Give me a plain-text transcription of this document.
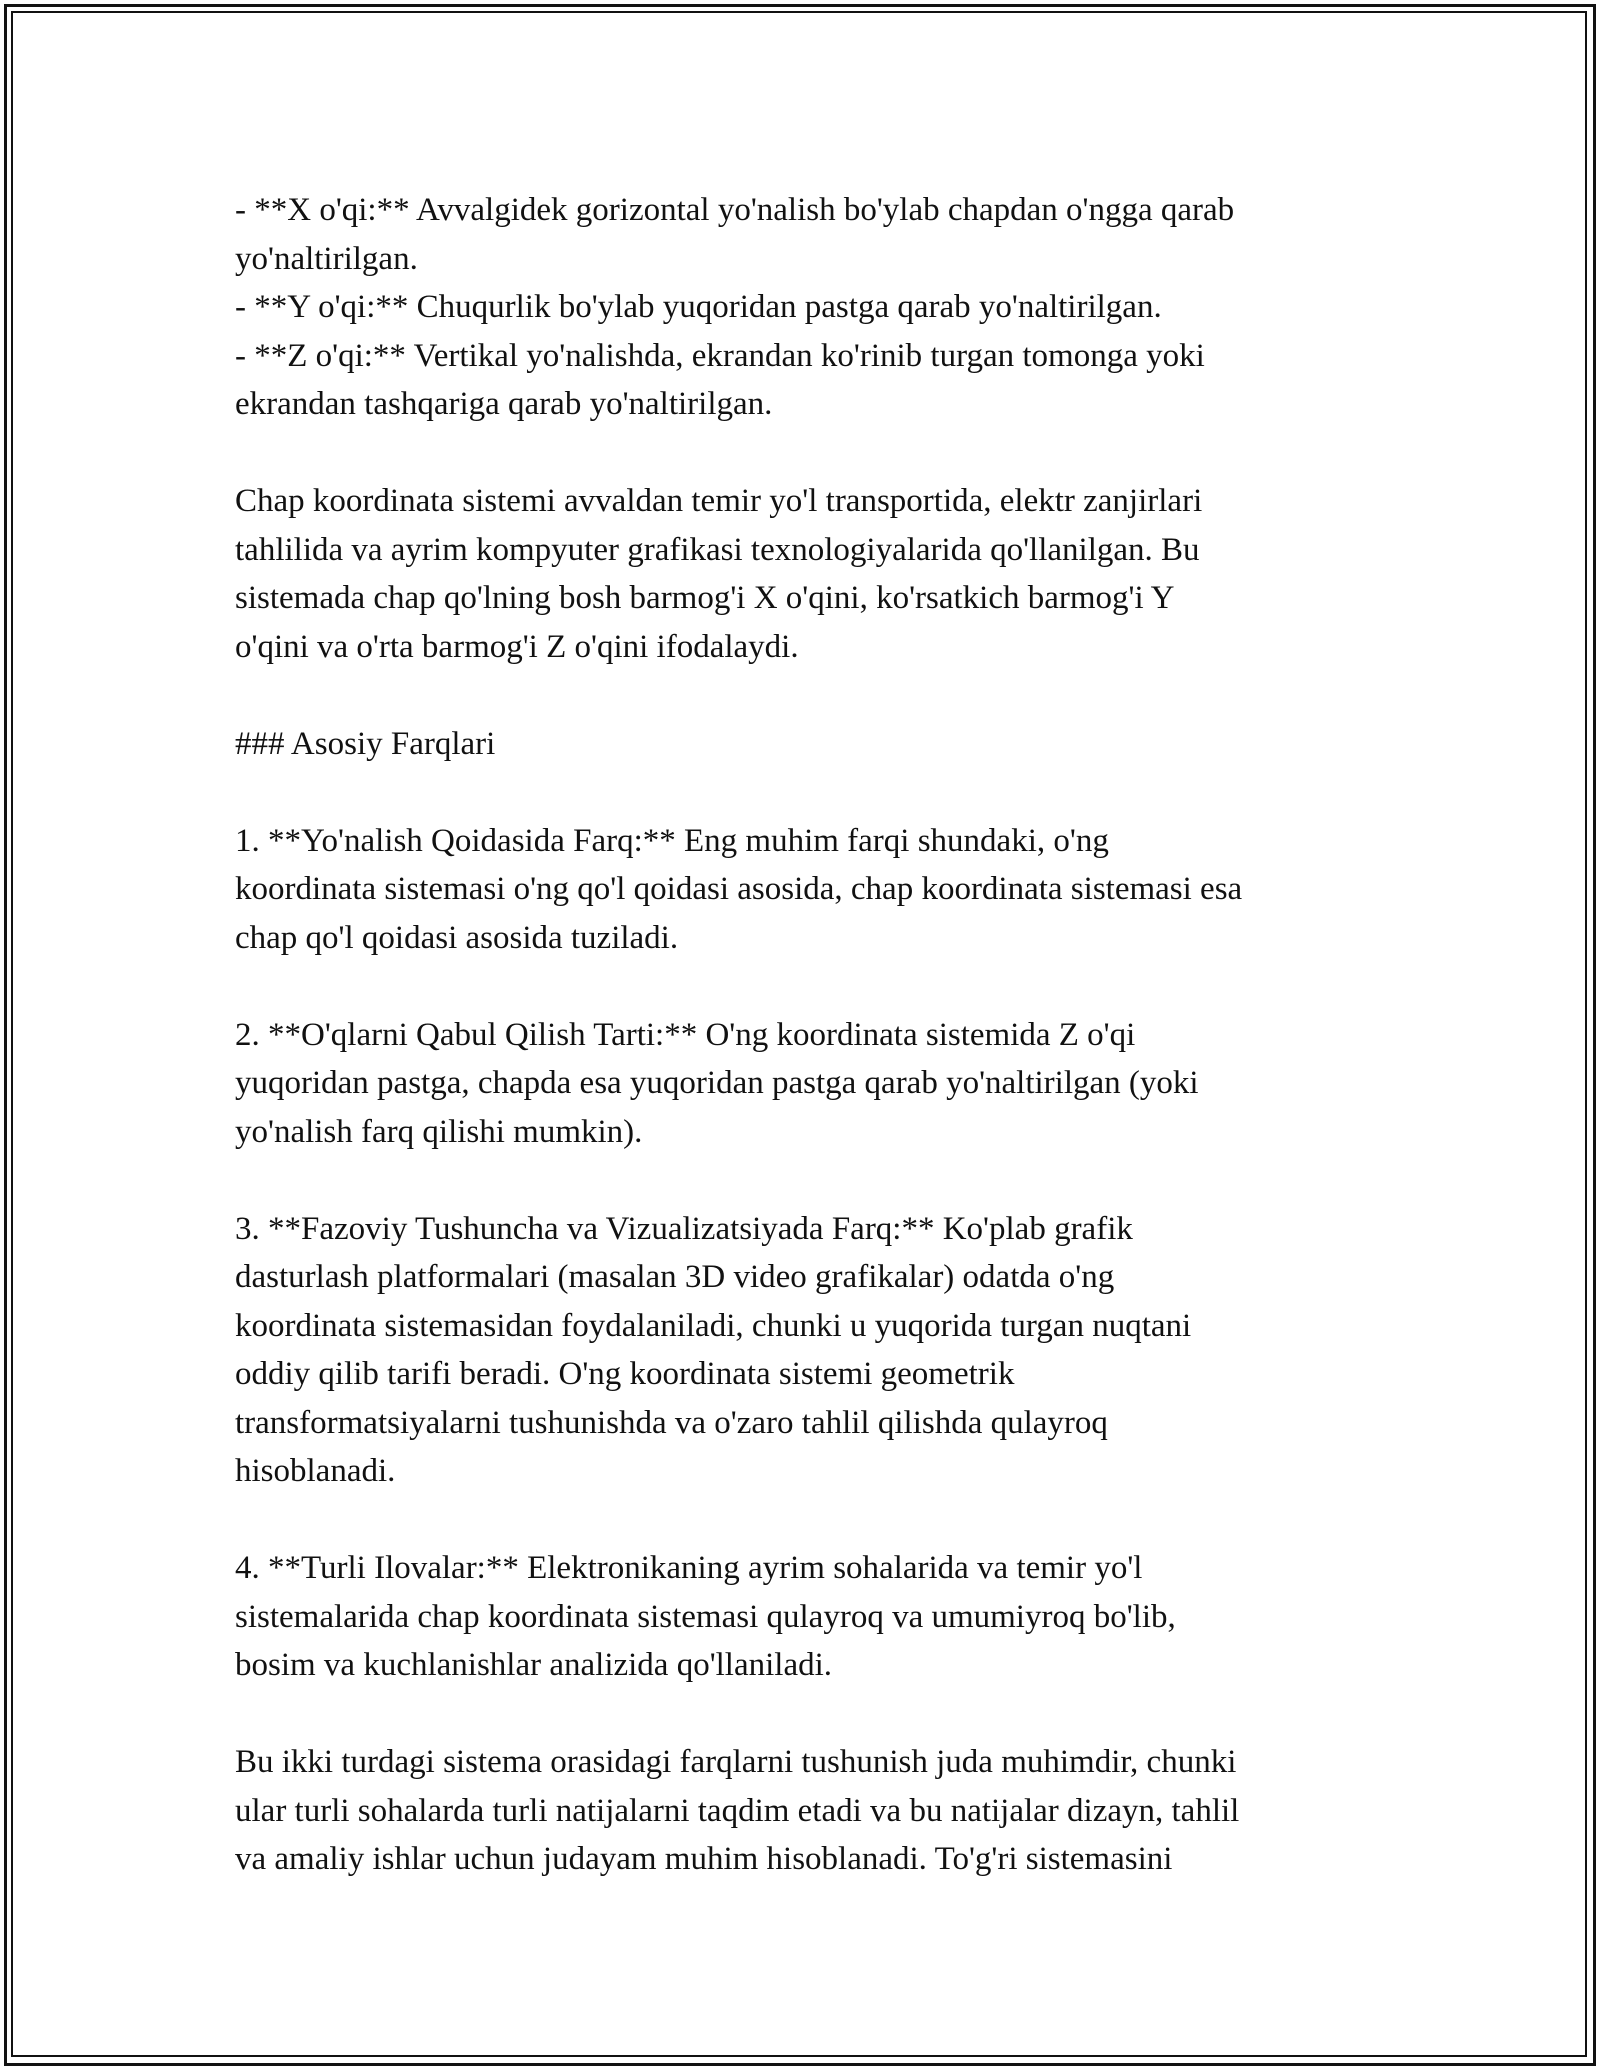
- **X o'qi:** Avvalgidek gorizontal yo'nalish bo'ylab chapdan o'ngga qarab
yo'naltirilgan.
- **Y o'qi:** Chuqurlik bo'ylab yuqoridan pastga qarab yo'naltirilgan.
- **Z o'qi:** Vertikal yo'nalishda, ekrandan ko'rinib turgan tomonga yoki
ekrandan tashqariga qarab yo'naltirilgan.
Chap koordinata sistemi avvaldan temir yo'l transportida, elektr zanjirlari
tahlilida va ayrim kompyuter grafikasi texnologiyalarida qo'llanilgan. Bu
sistemada chap qo'lning bosh barmog'i X o'qini, ko'rsatkich barmog'i Y
o'qini va o'rta barmog'i Z o'qini ifodalaydi.
### Asosiy Farqlari
1. **Yo'nalish Qoidasida Farq:** Eng muhim farqi shundaki, o'ng
koordinata sistemasi o'ng qo'l qoidasi asosida, chap koordinata sistemasi esa
chap qo'l qoidasi asosida tuziladi.
2. **O'qlarni Qabul Qilish Tarti:** O'ng koordinata sistemida Z o'qi
yuqoridan pastga, chapda esa yuqoridan pastga qarab yo'naltirilgan (yoki
yo'nalish farq qilishi mumkin).
3. **Fazoviy Tushuncha va Vizualizatsiyada Farq:** Ko'plab grafik
dasturlash platformalari (masalan 3D video grafikalar) odatda o'ng
koordinata sistemasidan foydalaniladi, chunki u yuqorida turgan nuqtani
oddiy qilib tarifi beradi. O'ng koordinata sistemi geometrik
transformatsiyalarni tushunishda va o'zaro tahlil qilishda qulayroq
hisoblanadi.
4. **Turli Ilovalar:** Elektronikaning ayrim sohalarida va temir yo'l
sistemalarida chap koordinata sistemasi qulayroq va umumiyroq bo'lib,
bosim va kuchlanishlar analizida qo'llaniladi.
Bu ikki turdagi sistema orasidagi farqlarni tushunish juda muhimdir, chunki
ular turli sohalarda turli natijalarni taqdim etadi va bu natijalar dizayn, tahlil
va amaliy ishlar uchun judayam muhim hisoblanadi. To'g'ri sistemasini
